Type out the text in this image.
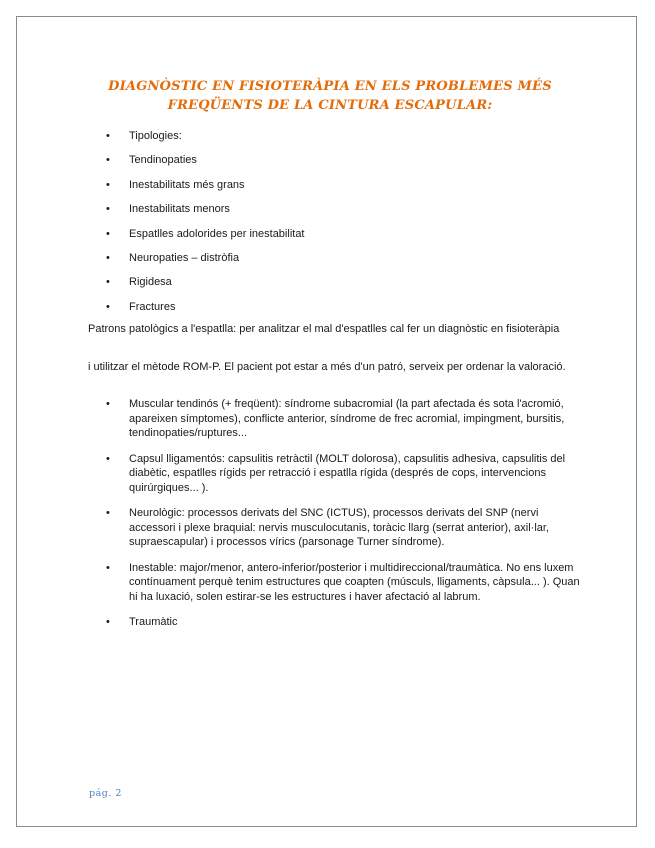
DIAGNÒSTIC EN FISIOTERÀPIA EN ELS PROBLEMES MÉS
FREQÜENTS DE LA CINTURA ESCAPULAR:
• Tipologies:
• Tendinopaties
• Inestabilitats més grans
• Inestabilitats menors
• Espatlles adolorides per inestabilitat
• Neuropaties – distròfia
• Rigidesa
• Fractures

Patrons patològics a l'espatlla: per analitzar el mal d'espatlles cal fer un diagnòstic en fisioteràpia

i utilitzar el mètode ROM-P. El pacient pot estar a més d'un patró, serveix per ordenar la valoració.

• Muscular tendinós (+ freqüent): síndrome subacromial (la part afectada és sota l'acromió, apareixen símptomes), conflicte anterior, síndrome de frec acromial, impingment, bursitis, tendinopaties/ruptures...
• Capsul lligamentós: capsulitis retràctil (MOLT dolorosa), capsulitis adhesiva, capsulitis del diabètic, espatlles rígids per retracció i espatlla rígida (després de cops, intervencions quirúrgiques... ).
• Neurològic: processos derivats del SNC (ICTUS), processos derivats del SNP (nervi accessori i plexe braquial: nervis musculocutanis, toràcic llarg (serrat anterior), axil·lar, supraescapular) i processos vírics (parsonage Turner síndrome).
• Inestable: major/menor, antero-inferior/posterior i multidireccional/traumàtica. No ens luxem contínuament perquè tenim estructures que coapten (músculs, lligaments, càpsula... ). Quan hi ha luxació, solen estirar-se les estructures i haver afectació al labrum.
• Traumàtic
pág. 2
